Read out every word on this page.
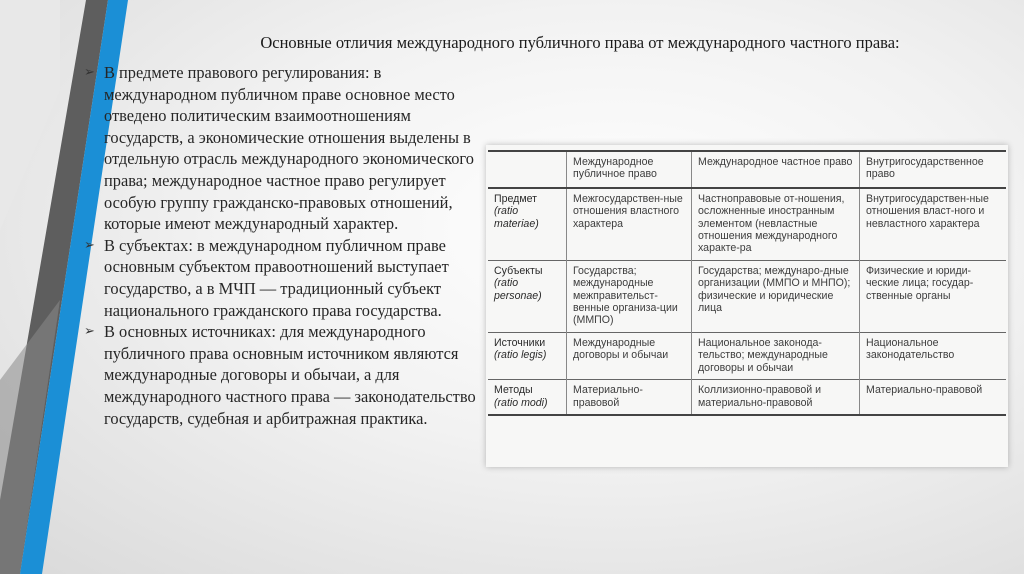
Основные отличия международного публичного права от международного частного права:
➢ В предмете правового регулирования: в международном публичном праве основное место отведено политическим взаимоотношениям государств, а экономические отношения выделены в отдельную отрасль международного экономического права; международное частное право регулирует особую группу гражданско-правовых отношений, которые имеют международный характер.
➢ В субъектах: в международном публичном праве основным субъектом правоотношений выступает государство, а в МЧП — традиционный субъект национального гражданского права государства.
➢ В основных источниках: для международного публичного права основным источником являются международные договоры и обычаи, а для международного частного права — законодательство государств, судебная и арбитражная практика.
	Международное публичное право	Международное частное право	Внутригосударственное право
Предмет
(ratio materiae)	Межгосударствен-ные отношения властного характера	Частноправовые от-ношения, осложненные иностранным элементом (невластные отношения международного характе-ра	Внутригосударствен-ные отношения власт-ного и невластного характера
Субъекты
(ratio personae)	Государства; международные межправительст-венные организа-ции (ММПО)	Государства; междунаро-дные организации (ММПО и МНПО); физические и юридические лица	Физические и юриди-ческие лица; государ-ственные органы
Источники
(ratio legis)	Международные договоры и обычаи	Национальное законода-тельство; международные договоры и обычаи	Национальное законодательство
Методы
(ratio modi)	Материально-правовой	Коллизионно-правовой и материально-правовой	Материально-правовой
